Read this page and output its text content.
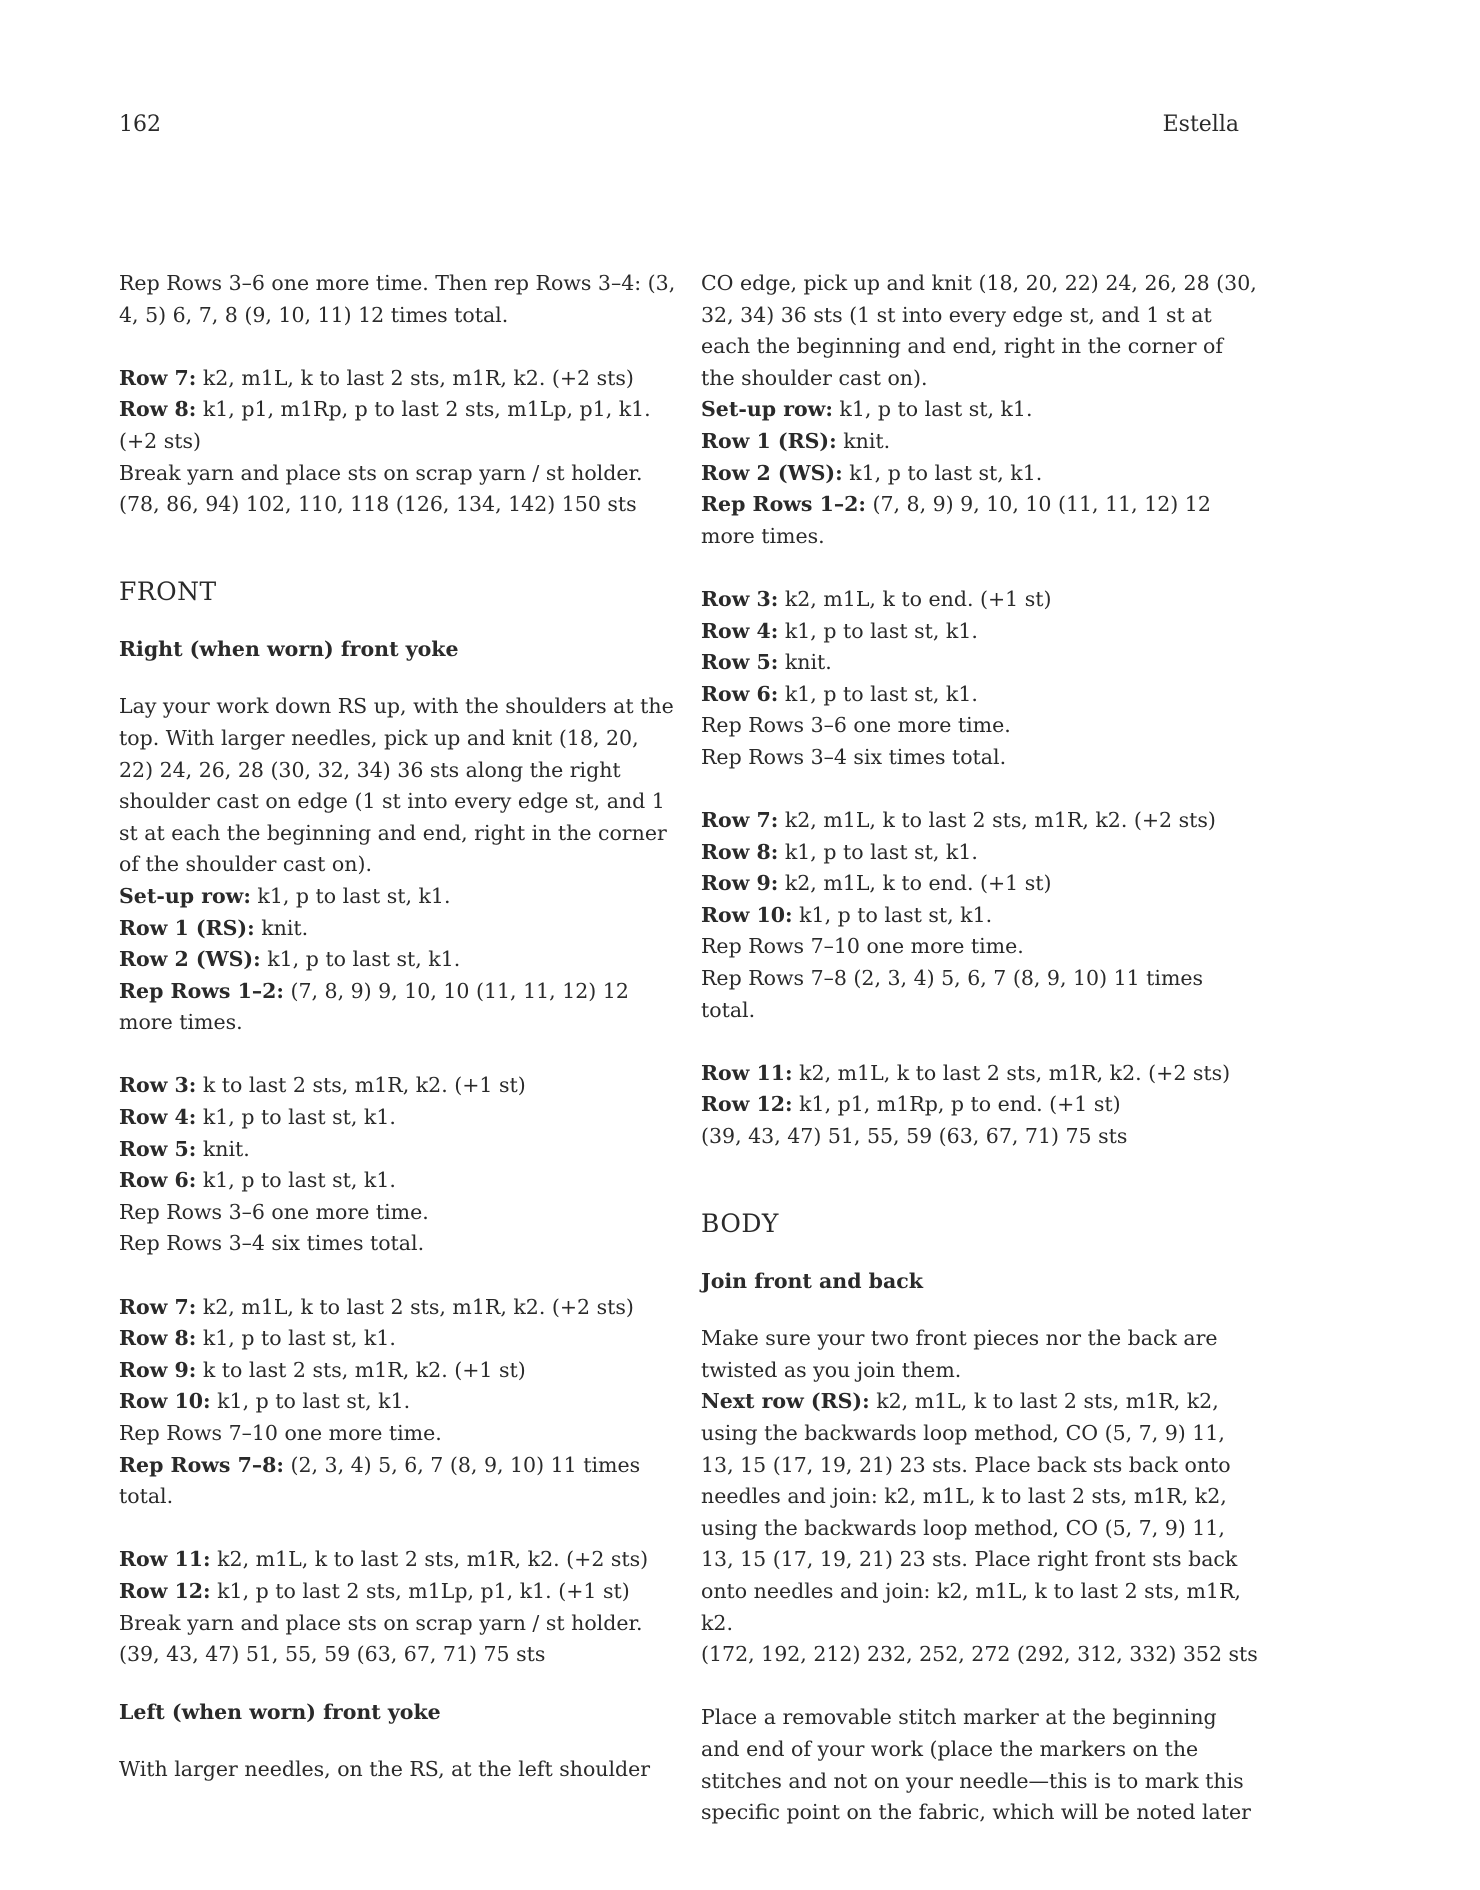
162	Estella

Rep Rows 3–6 one more time. Then rep Rows 3–4: (3, 4, 5) 6, 7, 8 (9, 10, 11) 12 times total.

Row 7: k2, m1L, k to last 2 sts, m1R, k2. (+2 sts)

Row 8: k1, p1, m1Rp, p to last 2 sts, m1Lp, p1, k1. (+2 sts)

Break yarn and place sts on scrap yarn / st holder.

(78, 86, 94) 102, 110, 118 (126, 134, 142) 150 sts

FRONT

Right (when worn) front yoke

Lay your work down RS up, with the shoulders at the top. With larger needles, pick up and knit (18, 20, 22) 24, 26, 28 (30, 32, 34) 36 sts along the right shoulder cast on edge (1 st into every edge st, and 1 st at each the beginning and end, right in the corner of the shoulder cast on).

Set-up row: k1, p to last st, k1.

Row 1 (RS): knit.

Row 2 (WS): k1, p to last st, k1.

Rep Rows 1–2: (7, 8, 9) 9, 10, 10 (11, 11, 12) 12 more times.

Row 3: k to last 2 sts, m1R, k2. (+1 st)

Row 4: k1, p to last st, k1.

Row 5: knit.

Row 6: k1, p to last st, k1.

Rep Rows 3–6 one more time.

Rep Rows 3–4 six times total.

Row 7: k2, m1L, k to last 2 sts, m1R, k2. (+2 sts)

Row 8: k1, p to last st, k1.

Row 9: k to last 2 sts, m1R, k2. (+1 st)

Row 10: k1, p to last st, k1.

Rep Rows 7–10 one more time.

Rep Rows 7–8: (2, 3, 4) 5, 6, 7 (8, 9, 10) 11 times total.

Row 11: k2, m1L, k to last 2 sts, m1R, k2. (+2 sts)

Row 12: k1, p to last 2 sts, m1Lp, p1, k1. (+1 st)

Break yarn and place sts on scrap yarn / st holder.

(39, 43, 47) 51, 55, 59 (63, 67, 71) 75 sts

Left (when worn) front yoke

With larger needles, on the RS, at the left shoulder

CO edge, pick up and knit (18, 20, 22) 24, 26, 28 (30, 32, 34) 36 sts (1 st into every edge st, and 1 st at each the beginning and end, right in the corner of the shoulder cast on).

Set-up row: k1, p to last st, k1.

Row 1 (RS): knit.

Row 2 (WS): k1, p to last st, k1.

Rep Rows 1–2: (7, 8, 9) 9, 10, 10 (11, 11, 12) 12 more times.

Row 3: k2, m1L, k to end. (+1 st)

Row 4: k1, p to last st, k1.

Row 5: knit.

Row 6: k1, p to last st, k1.

Rep Rows 3–6 one more time.

Rep Rows 3–4 six times total.

Row 7: k2, m1L, k to last 2 sts, m1R, k2. (+2 sts)

Row 8: k1, p to last st, k1.

Row 9: k2, m1L, k to end. (+1 st)

Row 10: k1, p to last st, k1.

Rep Rows 7–10 one more time.

Rep Rows 7–8 (2, 3, 4) 5, 6, 7 (8, 9, 10) 11 times total.

Row 11: k2, m1L, k to last 2 sts, m1R, k2. (+2 sts)

Row 12: k1, p1, m1Rp, p to end. (+1 st)

(39, 43, 47) 51, 55, 59 (63, 67, 71) 75 sts

BODY

Join front and back

Make sure your two front pieces nor the back are twisted as you join them.

Next row (RS): k2, m1L, k to last 2 sts, m1R, k2, using the backwards loop method, CO (5, 7, 9) 11, 13, 15 (17, 19, 21) 23 sts. Place back sts back onto needles and join: k2, m1L, k to last 2 sts, m1R, k2, using the backwards loop method, CO (5, 7, 9) 11, 13, 15 (17, 19, 21) 23 sts. Place right front sts back onto needles and join: k2, m1L, k to last 2 sts, m1R, k2.

(172, 192, 212) 232, 252, 272 (292, 312, 332) 352 sts

Place a removable stitch marker at the beginning and end of your work (place the markers on the stitches and not on your needle—this is to mark this specific point on the fabric, which will be noted later
